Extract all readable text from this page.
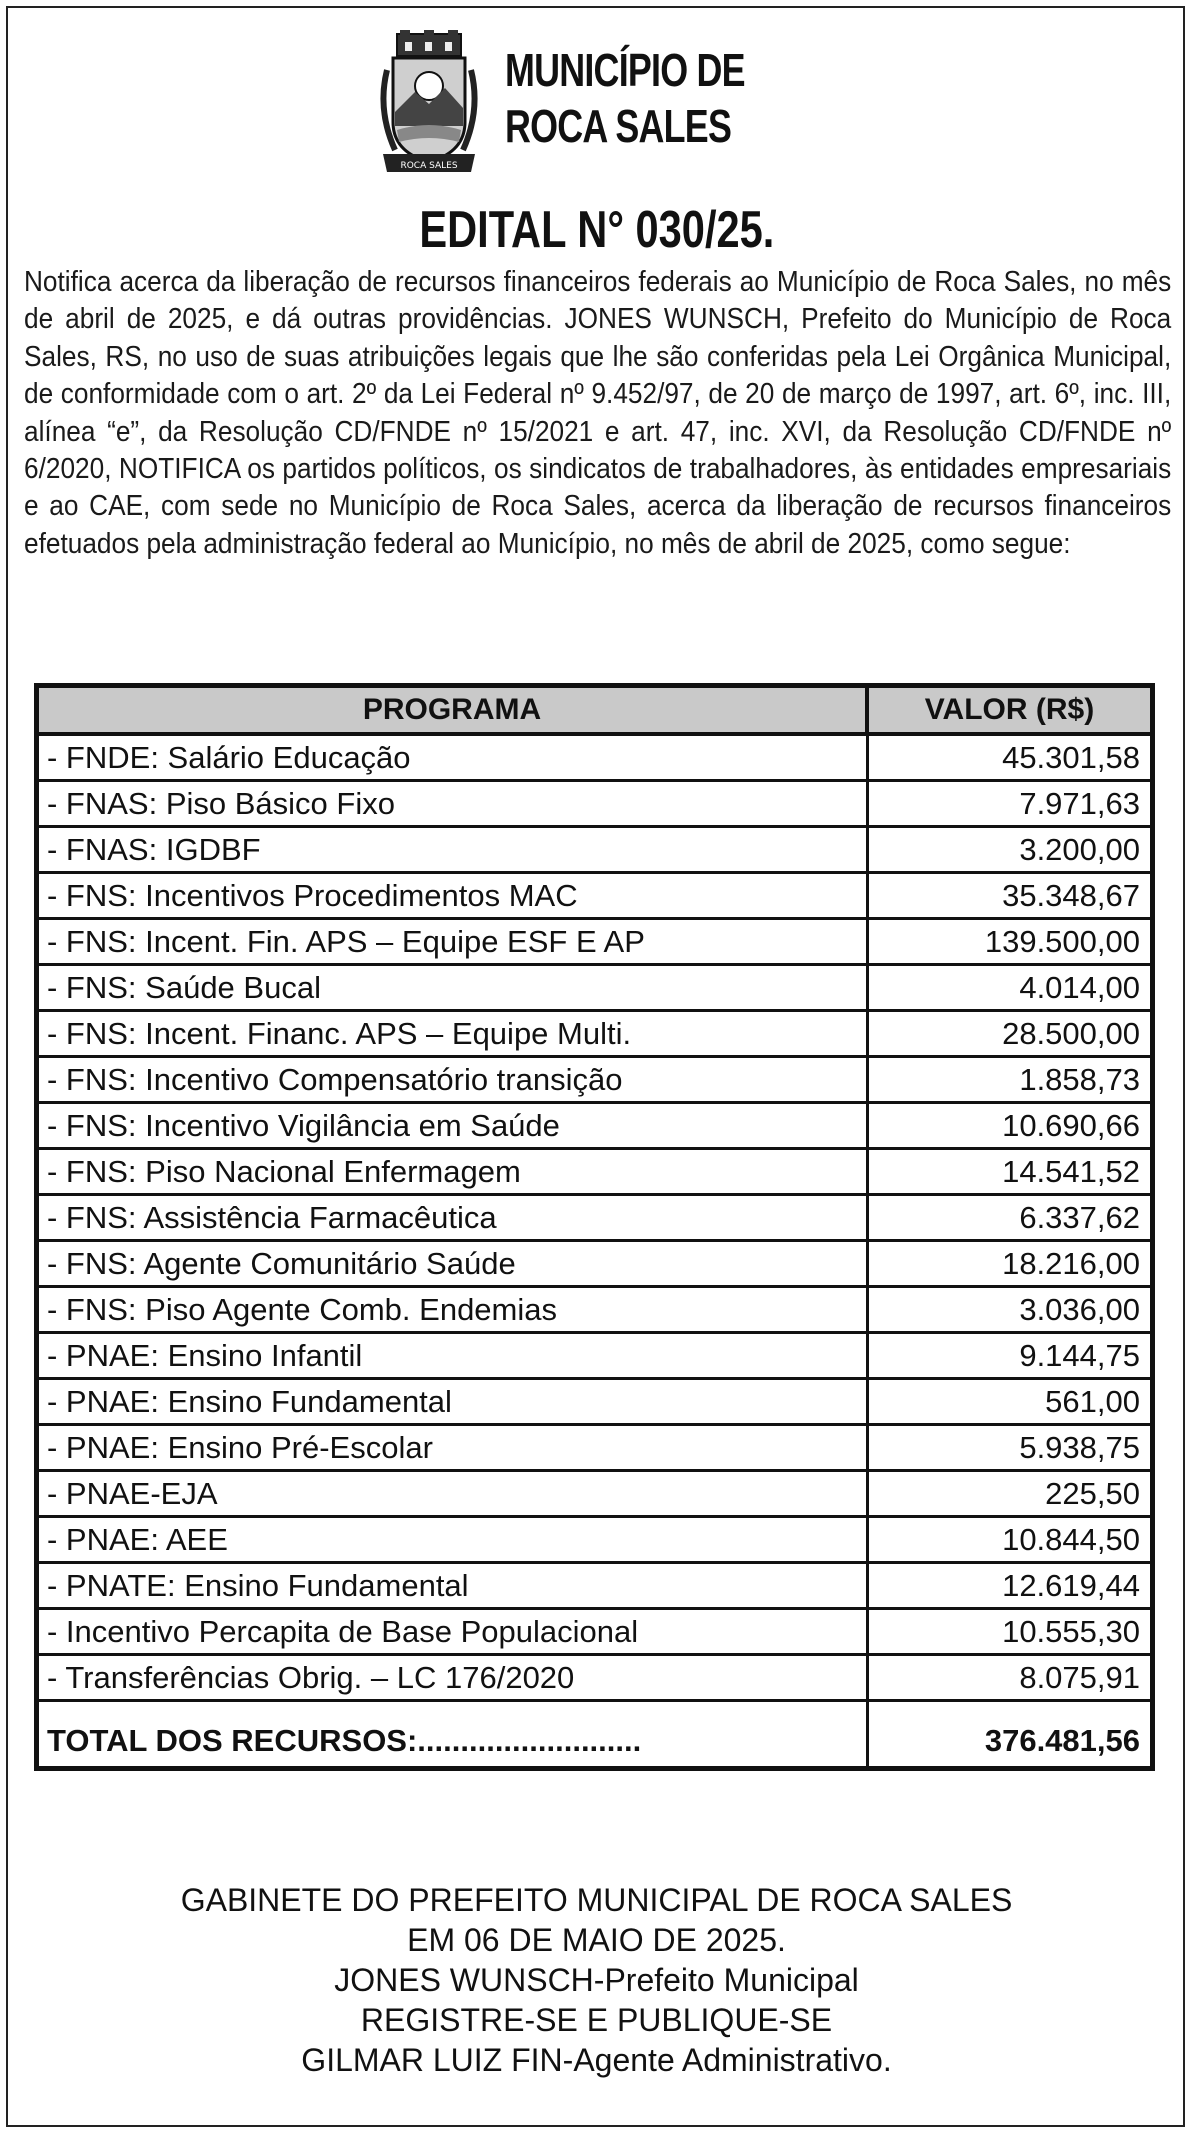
ROCA SALES
MUNICÍPIO DE
ROCA SALES
EDITAL N° 030/25.
Notifica acerca da liberação de recursos financeiros federais ao Município de Roca Sales, no mês de abril de 2025, e dá outras providências. JONES WUNSCH, Prefeito do Município de Roca Sales, RS, no uso de suas atribuições legais que lhe são conferidas pela Lei Orgânica Municipal, de conformidade com o art. 2º da Lei Federal nº 9.452/97, de 20 de março de 1997, art. 6º, inc. III, alínea “e”, da Resolução CD/FNDE nº 15/2021 e art. 47, inc. XVI, da Resolução CD/FNDE nº 6/2020, NOTIFICA os partidos políticos, os sindicatos de trabalhadores, às entidades empresariais e ao CAE, com sede no Município de Roca Sales, acerca da liberação de recursos financeiros efetuados pela administração federal ao Município, no mês de abril de 2025, como segue:
PROGRAMA	VALOR (R$)
- FNDE: Salário Educação	45.301,58
- FNAS: Piso Básico Fixo	7.971,63
- FNAS: IGDBF	3.200,00
- FNS: Incentivos Procedimentos MAC	35.348,67
- FNS: Incent. Fin. APS – Equipe ESF E AP	139.500,00
- FNS: Saúde Bucal	4.014,00
- FNS: Incent. Financ. APS – Equipe Multi.	28.500,00
- FNS: Incentivo Compensatório transição	1.858,73
- FNS: Incentivo Vigilância em Saúde	10.690,66
- FNS: Piso Nacional Enfermagem	14.541,52
- FNS: Assistência Farmacêutica	6.337,62
- FNS: Agente Comunitário Saúde	18.216,00
- FNS: Piso Agente Comb. Endemias	3.036,00
- PNAE: Ensino Infantil	9.144,75
- PNAE: Ensino Fundamental	561,00
- PNAE: Ensino Pré-Escolar	5.938,75
- PNAE-EJA	225,50
- PNAE: AEE	10.844,50
- PNATE: Ensino Fundamental	12.619,44
- Incentivo Percapita de Base Populacional	10.555,30
- Transferências Obrig. – LC 176/2020	8.075,91

TOTAL DOS RECURSOS:..........................	376.481,56
GABINETE DO PREFEITO MUNICIPAL DE ROCA SALES
EM 06 DE MAIO DE 2025.
JONES WUNSCH-Prefeito Municipal
REGISTRE-SE E PUBLIQUE-SE
GILMAR LUIZ FIN-Agente Administrativo.
